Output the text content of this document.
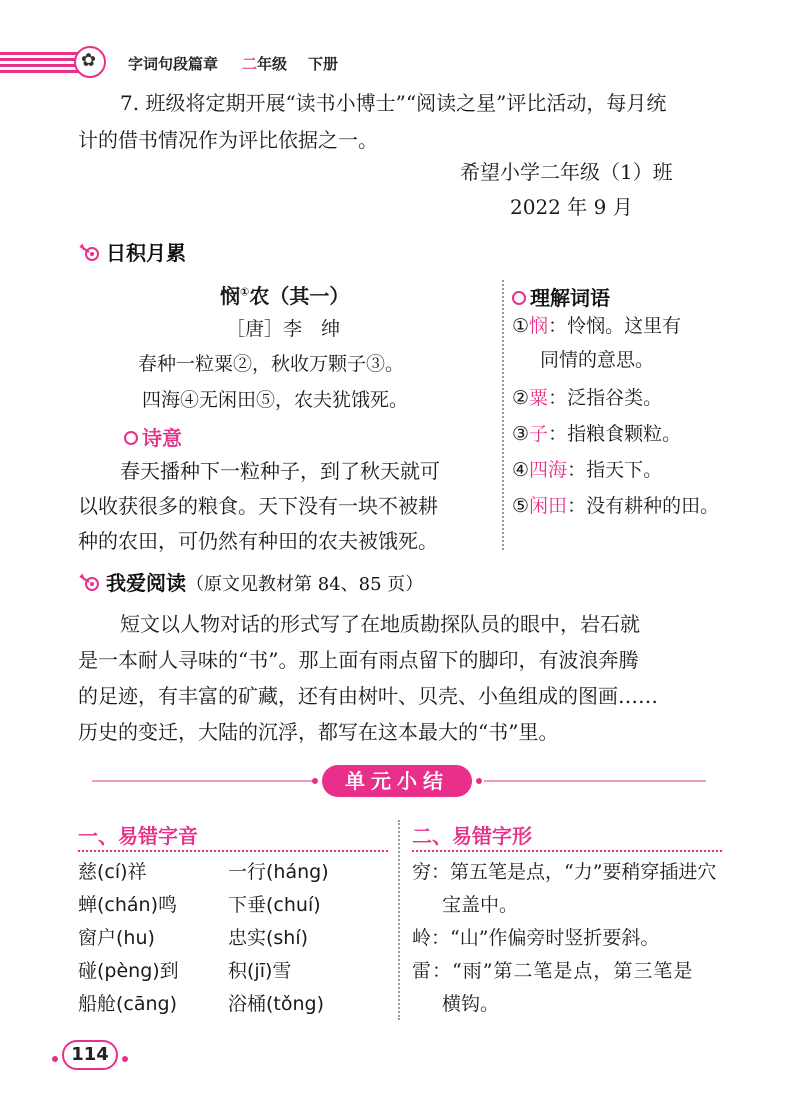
✿ 字词句段篇章 二年级 下册
7. 班级将定期开展“读书小博士”“阅读之星”评比活动，每月统
计的借书情况作为评比依据之一。
希望小学二年级（1）班
2022 年 9 月
日积月累
悯①农（其一）
［唐］李　绅
春种一粒粟②，秋收万颗子③。
四海④无闲田⑤，农夫犹饿死。
诗意
春天播种下一粒种子，到了秋天就可
以收获很多的粮食。天下没有一块不被耕
种的农田，可仍然有种田的农夫被饿死。
理解词语
①悯：怜悯。这里有
同情的意思。
②粟：泛指谷类。
③子：指粮食颗粒。
④四海：指天下。
⑤闲田：没有耕种的田。
我爱阅读（原文见教材第 84、85 页）
短文以人物对话的形式写了在地质勘探队员的眼中，岩石就
是一本耐人寻味的“书”。那上面有雨点留下的脚印，有波浪奔腾
的足迹，有丰富的矿藏，还有由树叶、贝壳、小鱼组成的图画……
历史的变迁，大陆的沉浮，都写在这本最大的“书”里。
单元小结
一、易错字音
慈(cí)祥
蝉(chán)鸣
窗户(hu)
碰(pèng)到
船舱(cāng)
一行(háng)
下垂(chuí)
忠实(shí)
积(jī)雪
浴桶(tǒng)
二、易错字形
穷：第五笔是点，“力”要稍穿插进穴
宝盖中。
岭：“山”作偏旁时竖折要斜。
雷：“雨”第二笔是点，第三笔是
横钩。
114
